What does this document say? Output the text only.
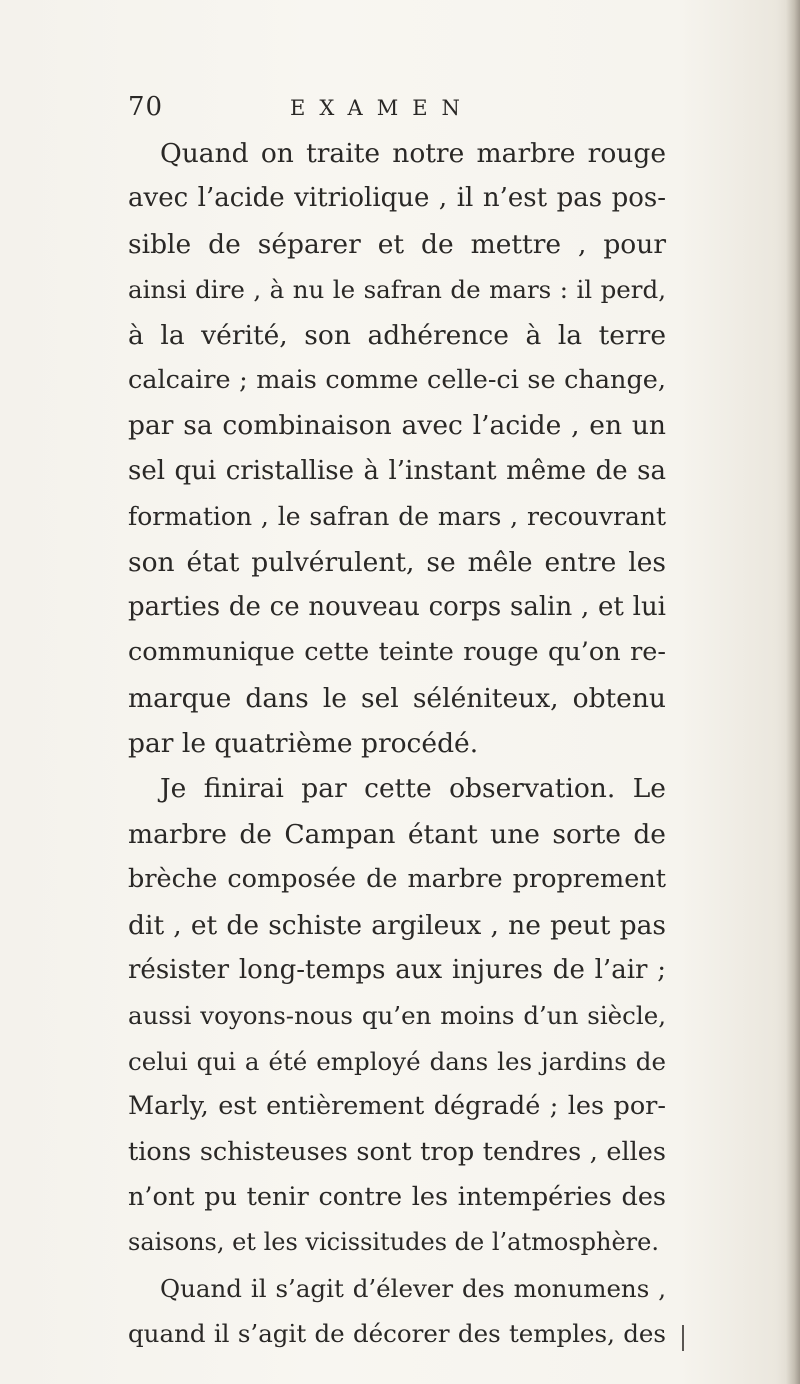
70	EXAMEN
Quand on traite notre marbre rouge
avec l’acide vitriolique , il n’est pas pos-
sible de séparer et de mettre , pour
ainsi dire , à nu le safran de mars : il perd,
à la vérité, son adhérence à la terre
calcaire ; mais comme celle-ci se change,
par sa combinaison avec l’acide , en un
sel qui cristallise à l’instant même de sa
formation , le safran de mars , recouvrant
son état pulvérulent, se mêle entre les
parties de ce nouveau corps salin , et lui
communique cette teinte rouge qu’on re-
marque dans le sel séléniteux, obtenu
par le quatrième procédé.
Je finirai par cette observation. Le
marbre de Campan étant une sorte de
brèche composée de marbre proprement
dit , et de schiste argileux , ne peut pas
résister long-temps aux injures de l’air ;
aussi voyons-nous qu’en moins d’un siècle,
celui qui a été employé dans les jardins de
Marly, est entièrement dégradé ; les por-
tions schisteuses sont trop tendres , elles
n’ont pu tenir contre les intempéries des
saisons, et les vicissitudes de l’atmosphère.
Quand il s’agit d’élever des monumens ,
quand il s’agit de décorer des temples, des
